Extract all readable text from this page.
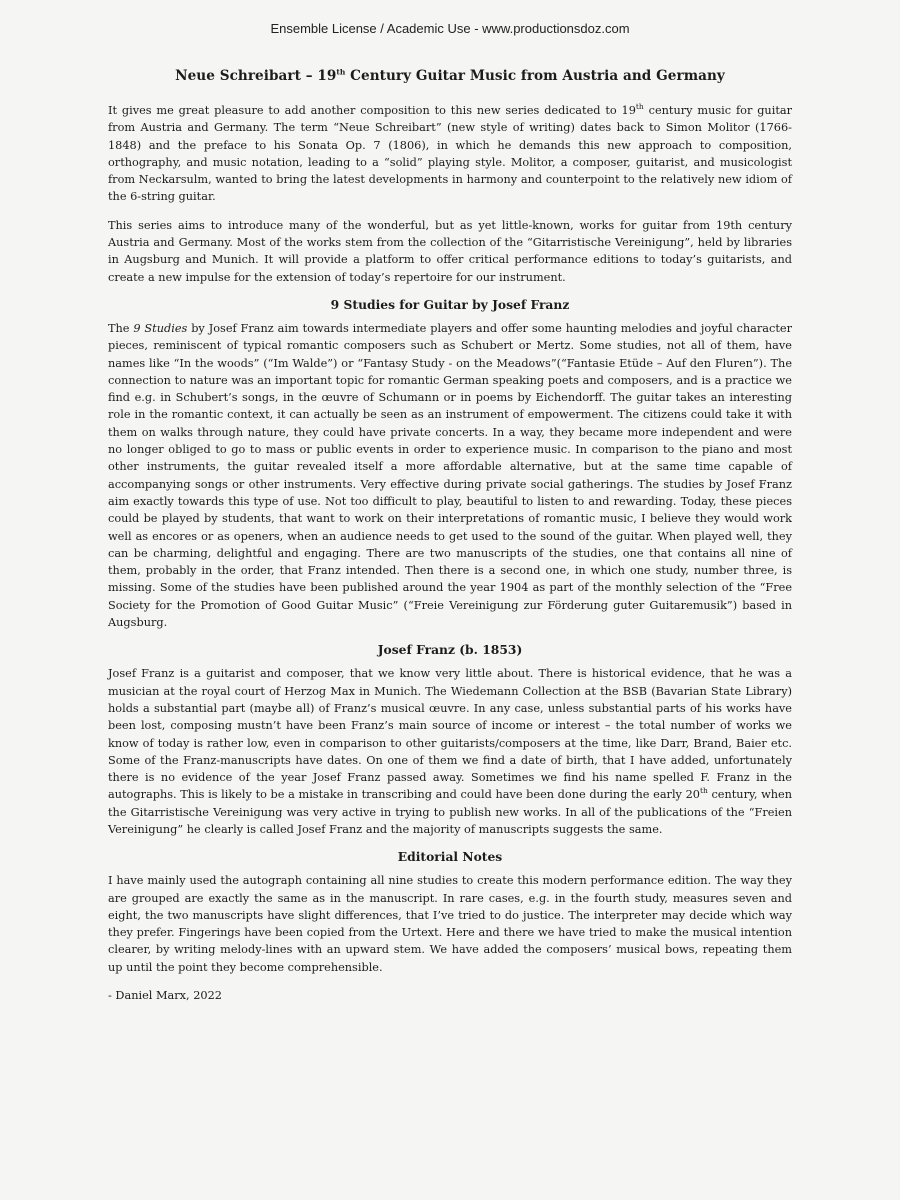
Ensemble License / Academic Use - www.productionsdoz.com
Neue Schreibart – 19th Century Guitar Music from Austria and Germany

It gives me great pleasure to add another composition to this new series dedicated to 19th century music for guitar from Austria and Germany. The term “Neue Schreibart” (new style of writing) dates back to Simon Molitor (1766-1848) and the preface to his Sonata Op. 7 (1806), in which he demands this new approach to composition, orthography, and music notation, leading to a “solid” playing style. Molitor, a composer, guitarist, and musicologist from Neckarsulm, wanted to bring the latest developments in harmony and counterpoint to the relatively new idiom of the 6-string guitar.

This series aims to introduce many of the wonderful, but as yet little-known, works for guitar from 19th century Austria and Germany. Most of the works stem from the collection of the “Gitarristische Vereinigung”, held by libraries in Augsburg and Munich. It will provide a platform to offer critical performance editions to today’s guitarists, and create a new impulse for the extension of today’s repertoire for our instrument.

9 Studies for Guitar by Josef Franz

The 9 Studies by Josef Franz aim towards intermediate players and offer some haunting melodies and joyful character pieces, reminiscent of typical romantic composers such as Schubert or Mertz. Some studies, not all of them, have names like “In the woods” (“Im Walde”) or “Fantasy Study - on the Meadows”(“Fantasie Etüde – Auf den Fluren”). The connection to nature was an important topic for romantic German speaking poets and composers, and is a practice we find e.g. in Schubert’s songs, in the œuvre of Schumann or in poems by Eichendorff. The guitar takes an interesting role in the romantic context, it can actually be seen as an instrument of empowerment. The citizens could take it with them on walks through nature, they could have private concerts. In a way, they became more independent and were no longer obliged to go to mass or public events in order to experience music. In comparison to the piano and most other instruments, the guitar revealed itself a more affordable alternative, but at the same time capable of accompanying songs or other instruments. Very effective during private social gatherings. The studies by Josef Franz aim exactly towards this type of use. Not too difficult to play, beautiful to listen to and rewarding. Today, these pieces could be played by students, that want to work on their interpretations of romantic music, I believe they would work well as encores or as openers, when an audience needs to get used to the sound of the guitar. When played well, they can be charming, delightful and engaging. There are two manuscripts of the studies, one that contains all nine of them, probably in the order, that Franz intended. Then there is a second one, in which one study, number three, is missing. Some of the studies have been published around the year 1904 as part of the monthly selection of the “Free Society for the Promotion of Good Guitar Music” (“Freie Vereinigung zur Förderung guter Guitaremusik”) based in Augsburg.

Josef Franz (b. 1853)

Josef Franz is a guitarist and composer, that we know very little about. There is historical evidence, that he was a musician at the royal court of Herzog Max in Munich. The Wiedemann Collection at the BSB (Bavarian State Library) holds a substantial part (maybe all) of Franz’s musical œuvre. In any case, unless substantial parts of his works have been lost, composing mustn’t have been Franz’s main source of income or interest – the total number of works we know of today is rather low, even in comparison to other guitarists/composers at the time, like Darr, Brand, Baier etc. Some of the Franz-manuscripts have dates. On one of them we find a date of birth, that I have added, unfortunately there is no evidence of the year Josef Franz passed away. Sometimes we find his name spelled F. Franz in the autographs. This is likely to be a mistake in transcribing and could have been done during the early 20th century, when the Gitarristische Vereinigung was very active in trying to publish new works. In all of the publications of the “Freien Vereinigung” he clearly is called Josef Franz and the majority of manuscripts suggests the same.

Editorial Notes

I have mainly used the autograph containing all nine studies to create this modern performance edition. The way they are grouped are exactly the same as in the manuscript. In rare cases, e.g. in the fourth study, measures seven and eight, the two manuscripts have slight differences, that I’ve tried to do justice. The interpreter may decide which way they prefer. Fingerings have been copied from the Urtext. Here and there we have tried to make the musical intention clearer, by writing melody-lines with an upward stem. We have added the composers’ musical bows, repeating them up until the point they become comprehensible.

- Daniel Marx, 2022
